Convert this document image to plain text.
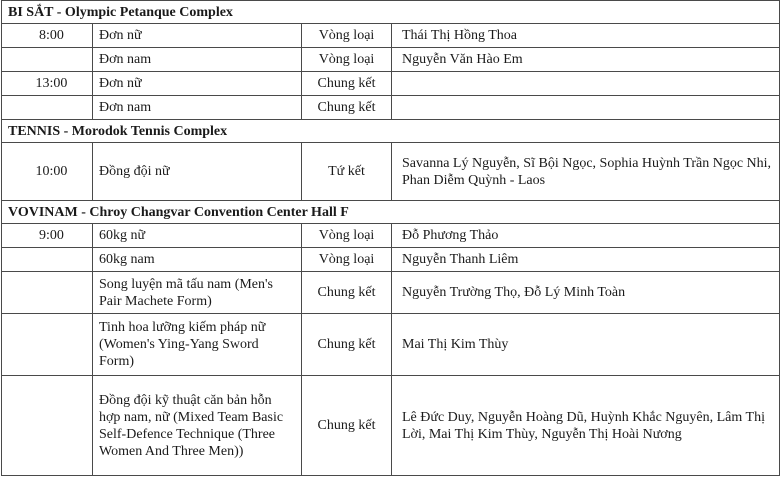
BI SẮT - Olympic Petanque Complex			
8:00	Đơn nữ	Vòng loại	Thái Thị Hồng Thoa
	Đơn nam	Vòng loại	Nguyễn Văn Hào Em
13:00	Đơn nữ	Chung kết	
	Đơn nam	Chung kết	
TENNIS - Morodok Tennis Complex			
10:00	Đồng đội nữ	Tứ kết	Savanna Lý Nguyễn, Sĩ Bội Ngọc, Sophia Huỳnh Trần Ngọc Nhi, Phan Diễm Quỳnh - Laos
VOVINAM - Chroy Changvar Convention Center Hall F			
9:00	60kg nữ	Vòng loại	Đỗ Phương Thảo
	60kg nam	Vòng loại	Nguyễn Thanh Liêm
	Song luyện mã tấu nam (Men's Pair Machete Form)	Chung kết	Nguyễn Trường Thọ, Đỗ Lý Minh Toàn
	Tinh hoa lưỡng kiếm pháp nữ (Women's Ying-Yang Sword Form)	Chung kết	Mai Thị Kim Thùy
	Đồng đội kỹ thuật căn bản hỗn hợp nam, nữ (Mixed Team Basic Self-Defence Technique (Three Women And Three Men))	Chung kết	Lê Đức Duy, Nguyễn Hoàng Dũ, Huỳnh Khắc Nguyên, Lâm Thị Lời, Mai Thị Kim Thùy, Nguyễn Thị Hoài Nương
